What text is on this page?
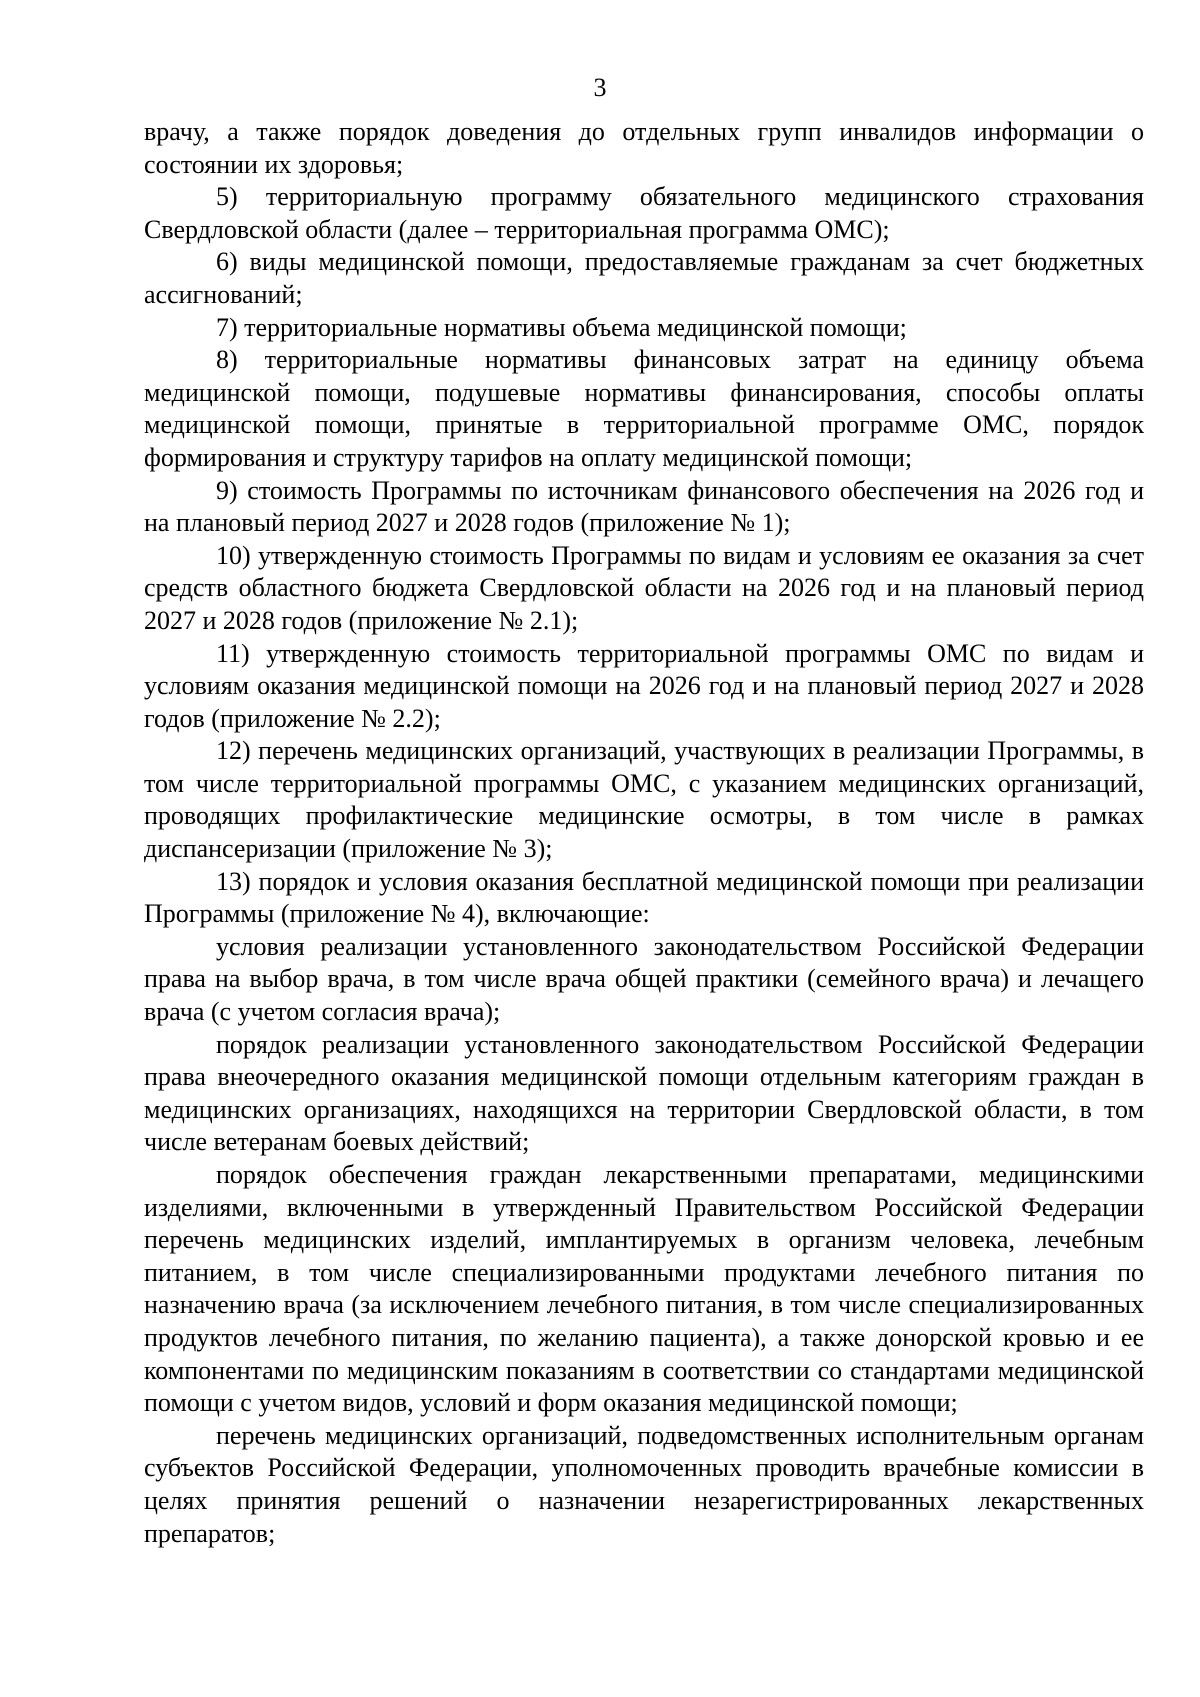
3

врачу, а также порядок доведения до отдельных групп инвалидов информации о состоянии их здоровья;

5) территориальную программу обязательного медицинского страхования Свердловской области (далее – территориальная программа ОМС);

6) виды медицинской помощи, предоставляемые гражданам за счет бюджетных ассигнований;

7) территориальные нормативы объема медицинской помощи;

8) территориальные нормативы финансовых затрат на единицу объема медицинской помощи, подушевые нормативы финансирования, способы оплаты медицинской помощи, принятые в территориальной программе ОМС, порядок формирования и структуру тарифов на оплату медицинской помощи;

9) стоимость Программы по источникам финансового обеспечения на 2026 год и на плановый период 2027 и 2028 годов (приложение № 1);

10) утвержденную стоимость Программы по видам и условиям ее оказания за счет средств областного бюджета Свердловской области на 2026 год и на плановый период 2027 и 2028 годов (приложение № 2.1);

11) утвержденную стоимость территориальной программы ОМС по видам и условиям оказания медицинской помощи на 2026 год и на плановый период 2027 и 2028 годов (приложение № 2.2);

12) перечень медицинских организаций, участвующих в реализации Программы, в том числе территориальной программы ОМС, с указанием медицинских организаций, проводящих профилактические медицинские осмотры, в том числе в рамках диспансеризации (приложение № 3);

13) порядок и условия оказания бесплатной медицинской помощи при реализации Программы (приложение № 4), включающие:

условия реализации установленного законодательством Российской Федерации права на выбор врача, в том числе врача общей практики (семейного врача) и лечащего врача (с учетом согласия врача);

порядок реализации установленного законодательством Российской Федерации права внеочередного оказания медицинской помощи отдельным категориям граждан в медицинских организациях, находящихся на территории Свердловской области, в том числе ветеранам боевых действий;

порядок обеспечения граждан лекарственными препаратами, медицинскими изделиями, включенными в утвержденный Правительством Российской Федерации перечень медицинских изделий, имплантируемых в организм человека, лечебным питанием, в том числе специализированными продуктами лечебного питания по назначению врача (за исключением лечебного питания, в том числе специализированных продуктов лечебного питания, по желанию пациента), а также донорской кровью и ее компонентами по медицинским показаниям в соответствии со стандартами медицинской помощи с учетом видов, условий и форм оказания медицинской помощи;

перечень медицинских организаций, подведомственных исполнительным органам субъектов Российской Федерации, уполномоченных проводить врачебные комиссии в целях принятия решений о назначении незарегистрированных лекарственных препаратов;
